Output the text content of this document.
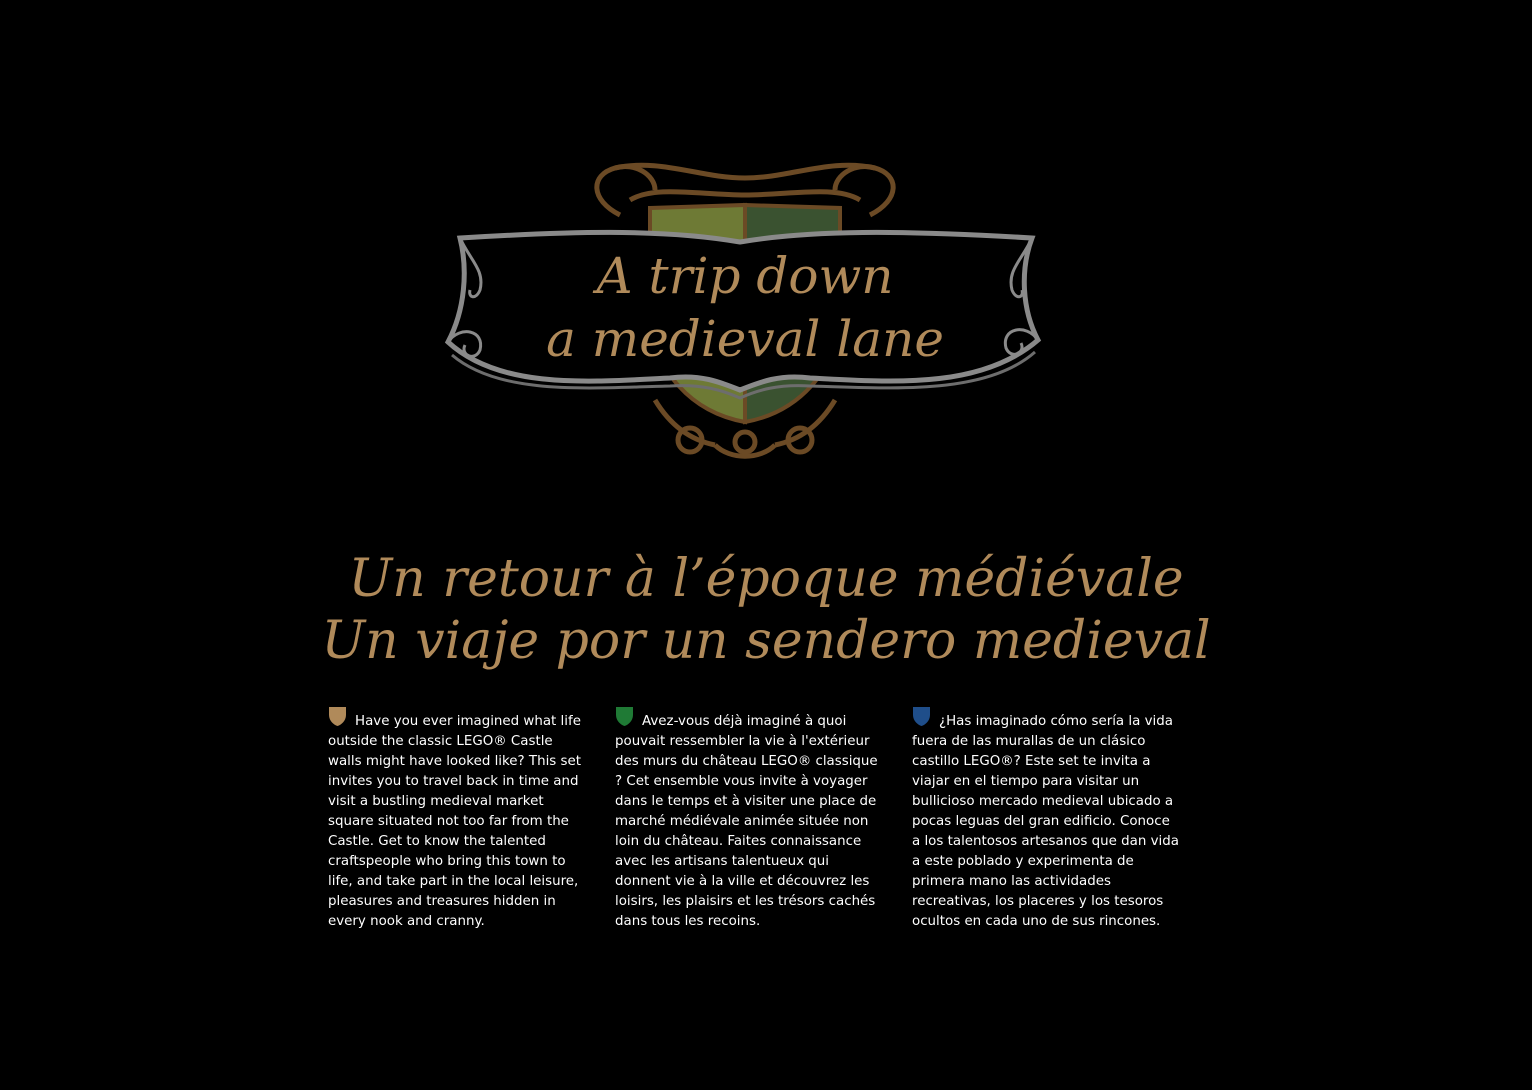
A trip down
a medieval lane
Un retour à l’époque médiévale
Un viaje por un sendero medieval

Have you ever imagined what life outside the classic LEGO® Castle walls might have looked like? This set invites you to travel back in time and visit a bustling medieval market square situated not too far from the Castle. Get to know the talented craftspeople who bring this town to life, and take part in the local leisure, pleasures and treasures hidden in every nook and cranny.

Avez-vous déjà imaginé à quoi pouvait ressembler la vie à l'extérieur des murs du château LEGO® classique ? Cet ensemble vous invite à voyager dans le temps et à visiter une place de marché médiévale animée située non loin du château. Faites connaissance avec les artisans talentueux qui donnent vie à la ville et découvrez les loisirs, les plaisirs et les trésors cachés dans tous les recoins.

¿Has imaginado cómo sería la vida fuera de las murallas de un clásico castillo LEGO®? Este set te invita a viajar en el tiempo para visitar un bullicioso mercado medieval ubicado a pocas leguas del gran edificio. Conoce a los talentosos artesanos que dan vida a este poblado y experimenta de primera mano las actividades recreativas, los placeres y los tesoros ocultos en cada uno de sus rincones.
